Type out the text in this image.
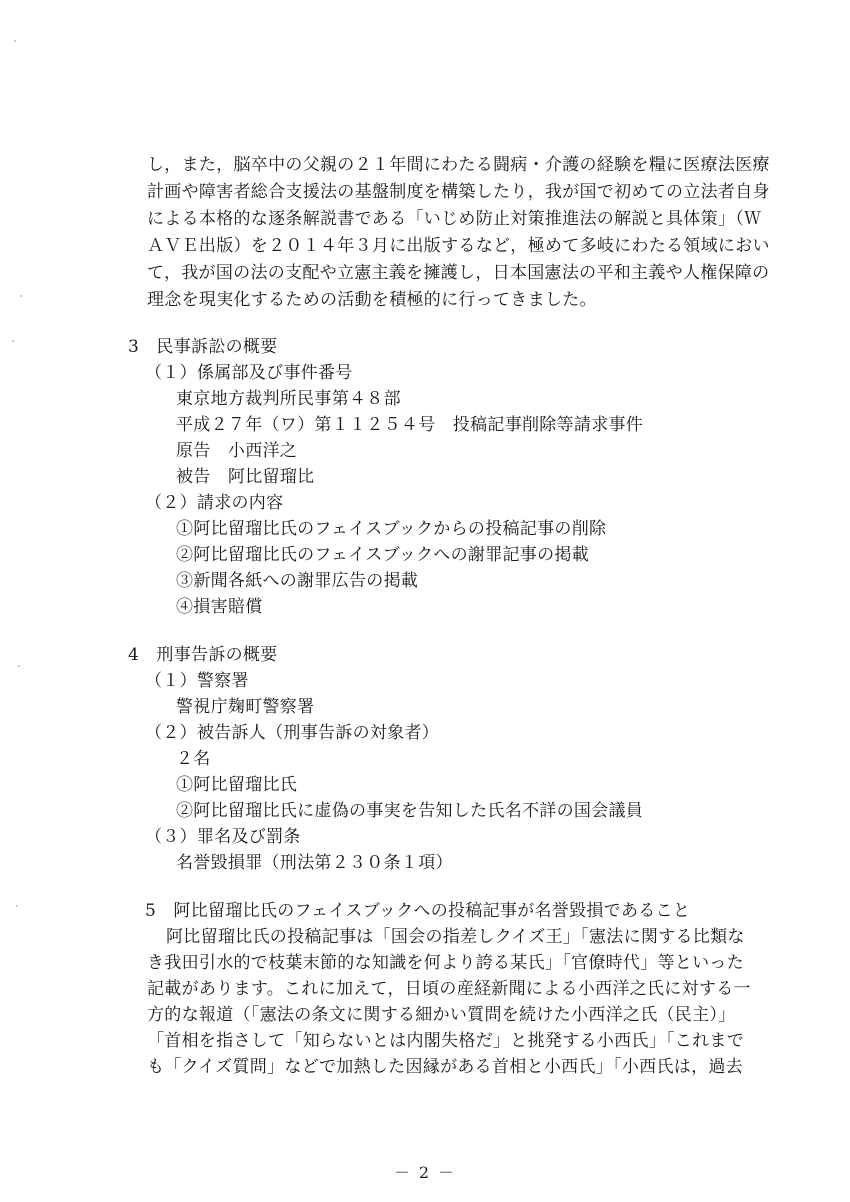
し，また，脳卒中の父親の２１年間にわたる闘病・介護の経験を糧に医療法医療
計画や障害者総合支援法の基盤制度を構築したり，我が国で初めての立法者自身
による本格的な逐条解説書である「いじめ防止対策推進法の解説と具体策」（Ｗ
ＡＶＥ出版）を２０１４年３月に出版するなど，極めて多岐にわたる領域におい
て，我が国の法の支配や立憲主義を擁護し，日本国憲法の平和主義や人権保障の
理念を現実化するための活動を積極的に行ってきました。
3　民事訴訟の概要
（１）係属部及び事件番号
東京地方裁判所民事第４８部
平成２７年（ワ）第１１２５４号　投稿記事削除等請求事件
原告　小西洋之
被告　阿比留瑠比
（２）請求の内容
①阿比留瑠比氏のフェイスブックからの投稿記事の削除
②阿比留瑠比氏のフェイスブックへの謝罪記事の掲載
③新聞各紙への謝罪広告の掲載
④損害賠償
4　刑事告訴の概要
（１）警察署
警視庁麹町警察署
（２）被告訴人（刑事告訴の対象者）
２名
①阿比留瑠比氏
②阿比留瑠比氏に虚偽の事実を告知した氏名不詳の国会議員
（３）罪名及び罰条
名誉毀損罪（刑法第２３０条１項）
5　阿比留瑠比氏のフェイスブックへの投稿記事が名誉毀損であること
阿比留瑠比氏の投稿記事は「国会の指差しクイズ王」「憲法に関する比類な
き我田引水的で枝葉末節的な知識を何より誇る某氏」「官僚時代」等といった
記載があります。これに加えて，日頃の産経新聞による小西洋之氏に対する一
方的な報道（「憲法の条文に関する細かい質問を続けた小西洋之氏（民主）」
「首相を指さして「知らないとは内閣失格だ」と挑発する小西氏」「これまで
も「クイズ質問」などで加熱した因縁がある首相と小西氏」「小西氏は，過去
－ 2 －
